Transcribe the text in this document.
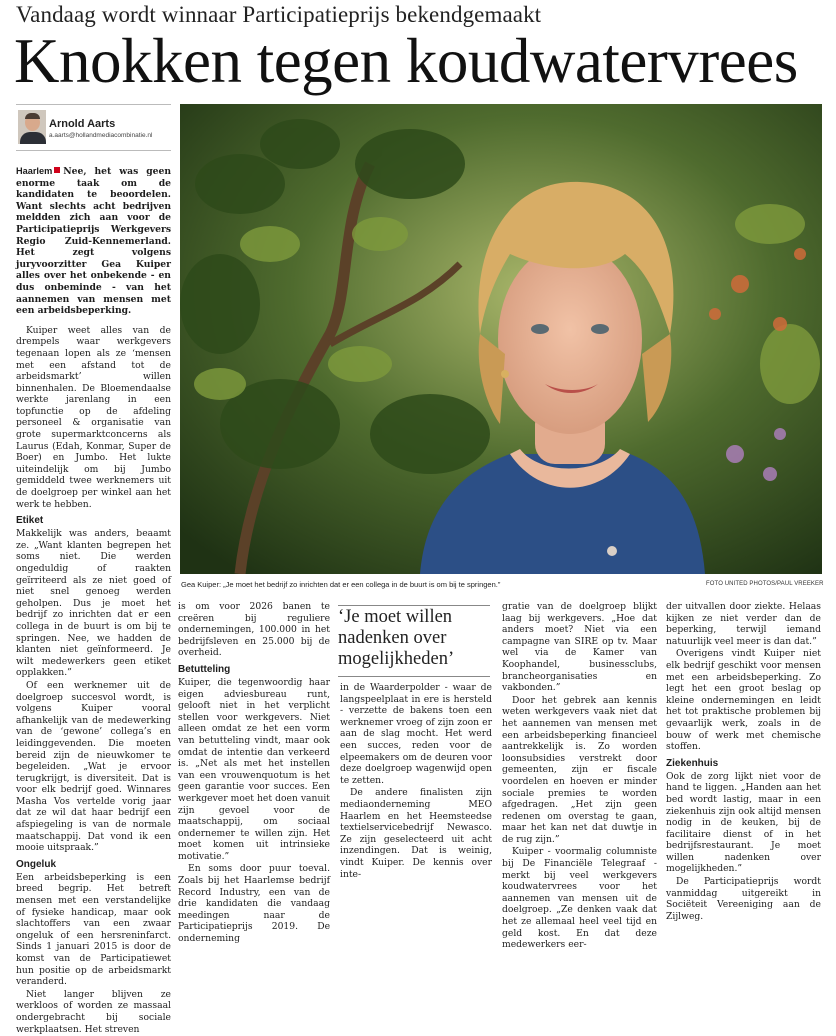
Vandaag wordt winnaar Participatieprijs bekendgemaakt
Knokken tegen koudwatervrees
Arnold Aarts
a.aarts@hollandmediacombinatie.nl

Haarlem Nee, het was geen enorme taak om de kandidaten te beoordelen. Want slechts acht bedrijven meldden zich aan voor de Participatieprijs Werkgevers Regio Zuid-Kennemerland. Het zegt volgens juryvoorzitter Gea Kuiper alles over het onbekende - en dus onbeminde - van het aannemen van mensen met een arbeidsbeperking.

Kuiper weet alles van de drempels waar werkgevers tegenaan lopen als ze ‘mensen met een afstand tot de arbeidsmarkt’ willen binnenhalen. De Bloemendaalse werkte jarenlang in een topfunctie op de afdeling personeel & organisatie van grote supermarktconcerns als Laurus (Edah, Konmar, Super de Boer) en Jumbo. Het lukte uiteindelijk om bij Jumbo gemiddeld twee werknemers uit de doelgroep per winkel aan het werk te hebben.

Etiket

Makkelijk was anders, beaamt ze. „Want klanten begrepen het soms niet. Die werden ongeduldig of raakten geïrriteerd als ze niet goed of niet snel genoeg werden geholpen. Dus je moet het bedrijf zo inrichten dat er een collega in de buurt is om bij te springen. Nee, we hadden de klanten niet geïnformeerd. Je wilt medewerkers geen etiket opplakken.”

Of een werknemer uit de doelgroep succesvol wordt, is volgens Kuiper vooral afhankelijk van de medewerking van de ‘gewone’ collega’s en leidinggevenden. Die moeten bereid zijn de nieuwkomer te begeleiden. „Wat je ervoor terugkrijgt, is diversiteit. Dat is voor elk bedrijf goed. Winnares Masha Vos vertelde vorig jaar dat ze wil dat haar bedrijf een afspiegeling is van de normale maatschappij. Dat vond ik een mooie uitspraak.”

Ongeluk

Een arbeidsbeperking is een breed begrip. Het betreft mensen met een verstandelijke of fysieke handicap, maar ook slachtoffers van een zwaar ongeluk of een hersreninfarct. Sinds 1 januari 2015 is door de komst van de Participatiewet hun positie op de arbeidsmarkt veranderd.

Niet langer blijven ze werkloos of worden ze massaal ondergebracht bij sociale werkplaatsen. Het streven

Gea Kuiper: „Je moet het bedrijf zo inrichten dat er een collega in de buurt is om bij te springen.”	FOTO UNITED PHOTOS/PAUL VREEKER

is om voor 2026 banen te creëren bij reguliere ondernemingen, 100.000 in het bedrijfsleven en 25.000 bij de overheid.

Betutteling

Kuiper, die tegenwoordig haar eigen adviesbureau runt, gelooft niet in het verplicht stellen voor werkgevers. Niet alleen omdat ze het een vorm van betutteling vindt, maar ook omdat de intentie dan verkeerd is. „Net als met het instellen van een vrouwenquotum is het geen garantie voor succes. Een werkgever moet het doen vanuit zijn gevoel voor de maatschappij, om sociaal ondernemer te willen zijn. Het moet komen uit intrinsieke motivatie.”

En soms door puur toeval. Zoals bij het Haarlemse bedrijf Record Industry, een van de drie kandidaten die vandaag meedingen naar de Participatieprijs 2019. De onderneming

‘Je moet willen nadenken over mogelijkheden’

in de Waarderpolder - waar de langspeelplaat in ere is hersteld - verzette de bakens toen een werknemer vroeg of zijn zoon er aan de slag mocht. Het werd een succes, reden voor de elpeemakers om de deuren voor deze doelgroep wagenwijd open te zetten.

De andere finalisten zijn mediaonderneming MEO Haarlem en het Heemsteedse textielservicebedrijf Newasco. Ze zijn geselecteerd uit acht inzendingen. Dat is weinig, vindt Kuiper. De kennis over inte-

gratie van de doelgroep blijkt laag bij werkgevers. „Hoe dat anders moet? Niet via een campagne van SIRE op tv. Maar wel via de Kamer van Koophandel, businessclubs, brancheorganisaties en vakbonden.”

Door het gebrek aan kennis weten werkgevers vaak niet dat het aannemen van mensen met een arbeidsbeperking financieel aantrekkelijk is. Zo worden loonsubsidies verstrekt door gemeenten, zijn er fiscale voordelen en hoeven er minder sociale premies te worden afgedragen. „Het zijn geen redenen om overstag te gaan, maar het kan net dat duwtje in de rug zijn.”

Kuiper - voormalig columniste bij De Financiële Telegraaf - merkt bij veel werkgevers koudwatervrees voor het aannemen van mensen uit de doelgroep. „Ze denken vaak dat het ze allemaal heel veel tijd en geld kost. En dat deze medewerkers eer-

der uitvallen door ziekte. Helaas kijken ze niet verder dan de beperking, terwijl iemand natuurlijk veel meer is dan dat.”

Overigens vindt Kuiper niet elk bedrijf geschikt voor mensen met een arbeidsbeperking. Zo legt het een groot beslag op kleine ondernemingen en leidt het tot praktische problemen bij gevaarlijk werk, zoals in de bouw of werk met chemische stoffen.

Ziekenhuis

Ook de zorg lijkt niet voor de hand te liggen. „Handen aan het bed wordt lastig, maar in een ziekenhuis zijn ook altijd mensen nodig in de keuken, bij de facilitaire dienst of in het bedrijfsrestaurant. Je moet willen nadenken over mogelijkheden.”

De Participatieprijs wordt vanmiddag uitgereikt in Sociëteit Vereeniging aan de Zijlweg.
